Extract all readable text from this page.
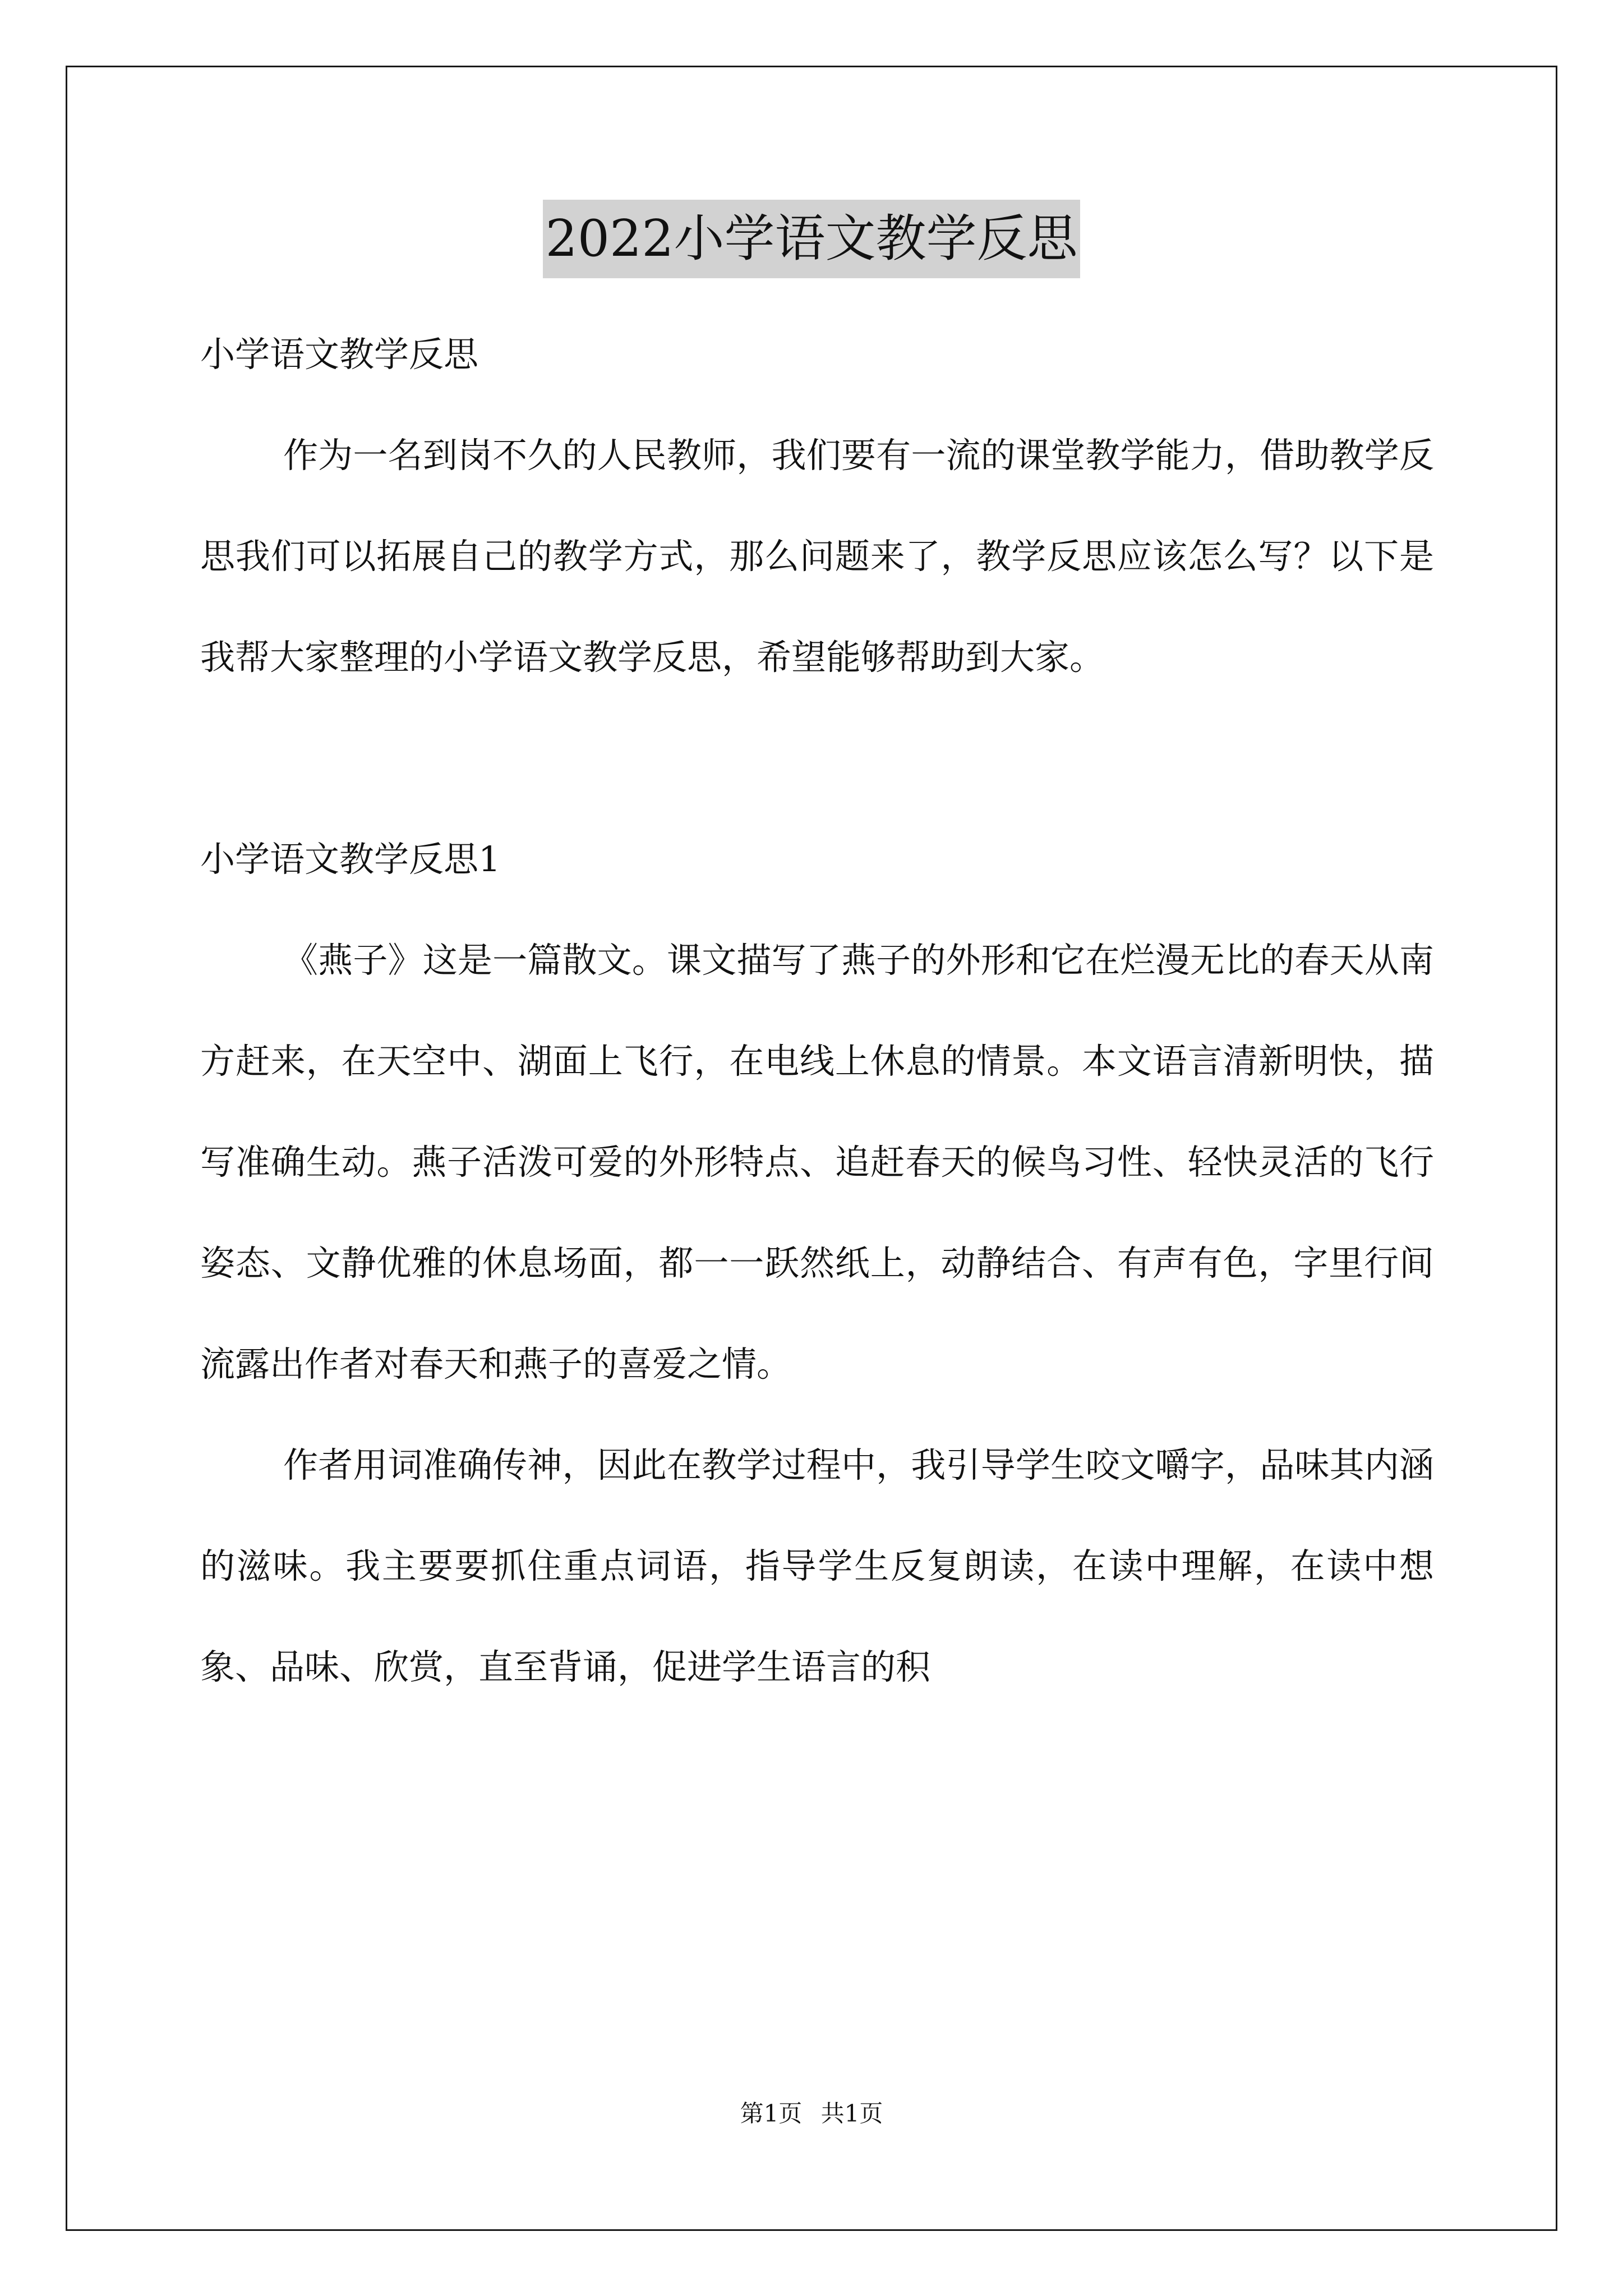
2022小学语文教学反思

小学语文教学反思

作为一名到岗不久的人民教师，我们要有一流的课堂教学能力，借助教学反思我们可以拓展自己的教学方式，那么问题来了，教学反思应该怎么写？以下是我帮大家整理的小学语文教学反思，希望能够帮助到大家。

小学语文教学反思1

《燕子》这是一篇散文。课文描写了燕子的外形和它在烂漫无比的春天从南方赶来，在天空中、湖面上飞行，在电线上休息的情景。本文语言清新明快，描写准确生动。燕子活泼可爱的外形特点、追赶春天的候鸟习性、轻快灵活的飞行姿态、文静优雅的休息场面，都一一跃然纸上，动静结合、有声有色，字里行间流露出作者对春天和燕子的喜爱之情。

作者用词准确传神，因此在教学过程中，我引导学生咬文嚼字，品味其内涵的滋味。我主要要抓住重点词语，指导学生反复朗读，在读中理解，在读中想象、品味、欣赏，直至背诵，促进学生语言的积

第1页 共1页
